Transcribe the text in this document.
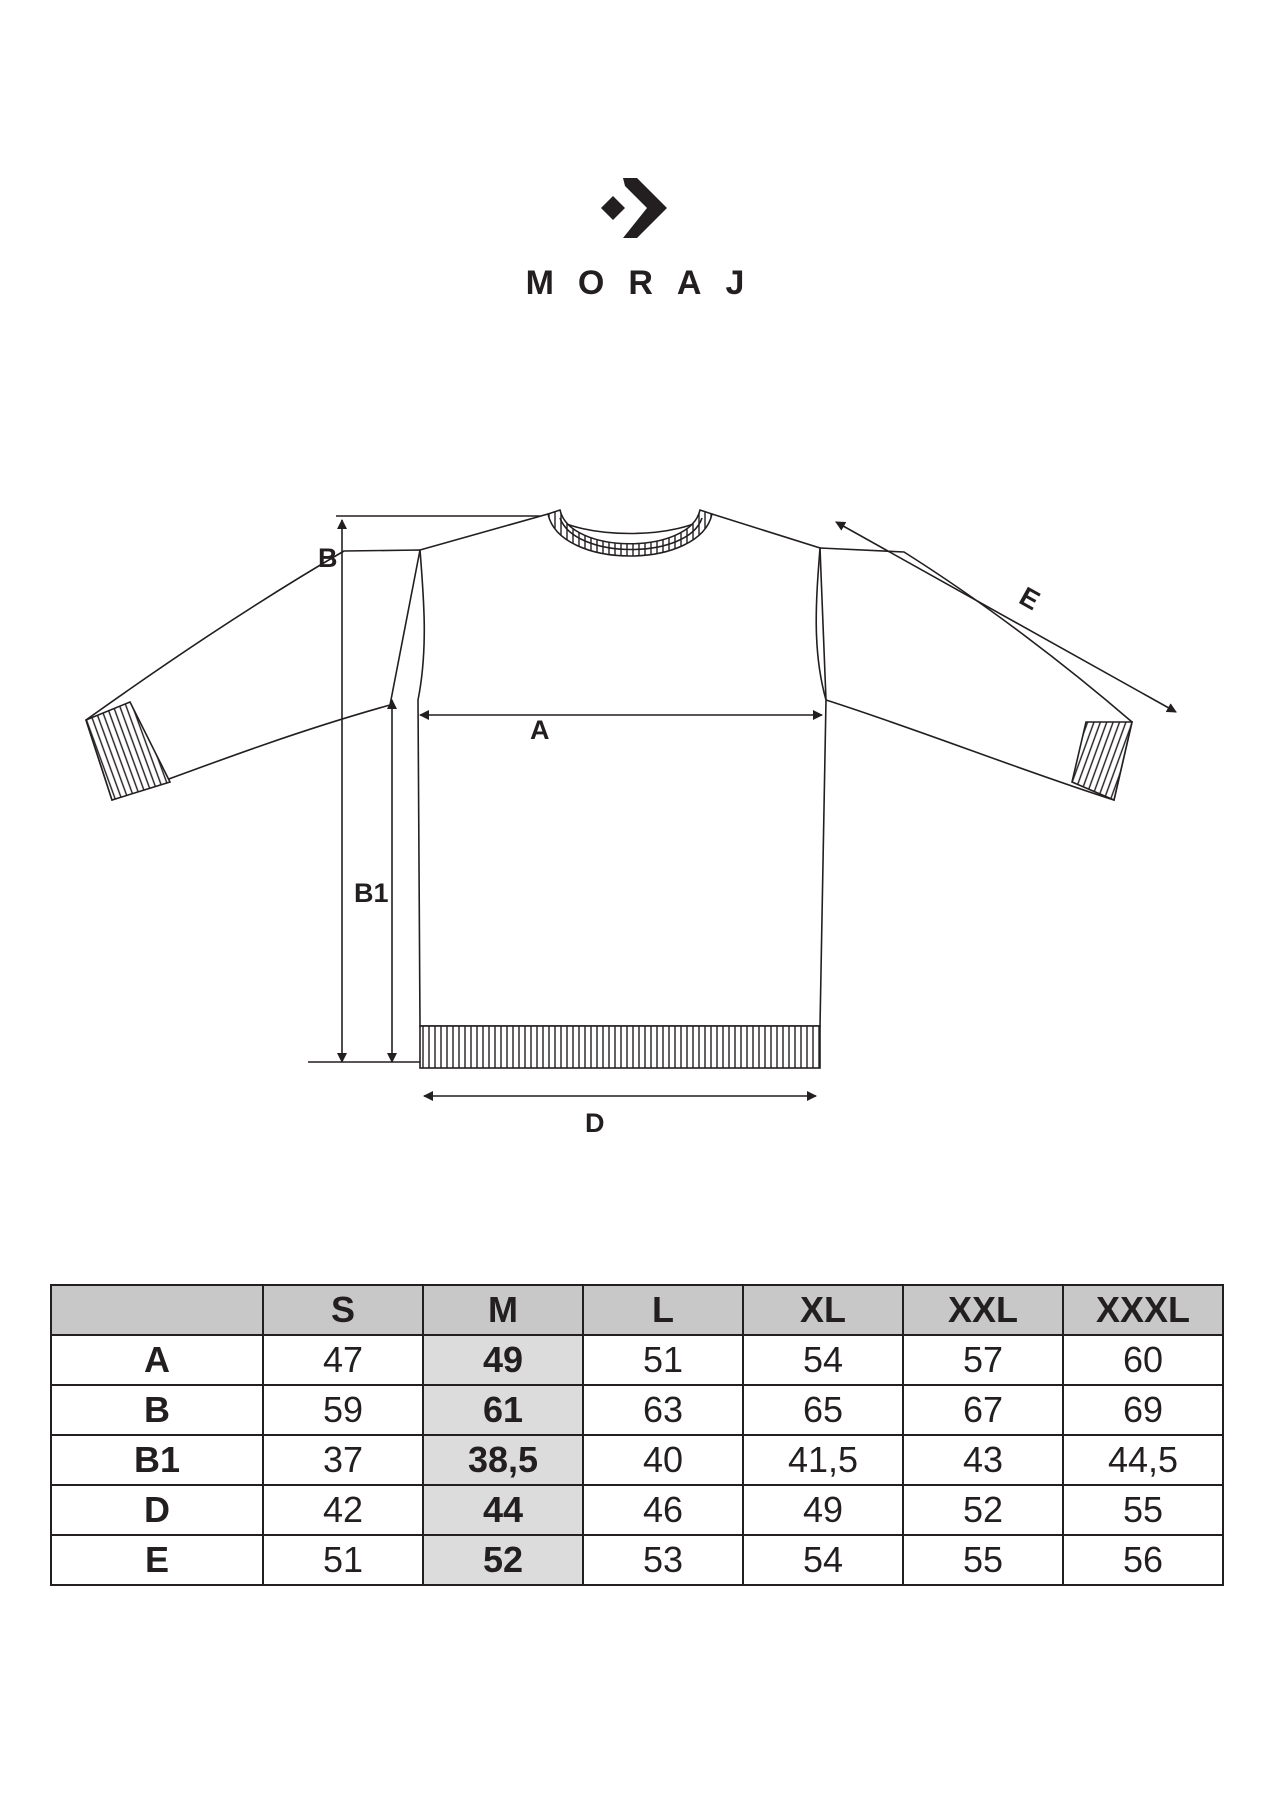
MORAJ
B
A
B1
D
E
	S	M	L	XL	XXL	XXXL
A	47	49	51	54	57	60
B	59	61	63	65	67	69
B1	37	38,5	40	41,5	43	44,5
D	42	44	46	49	52	55
E	51	52	53	54	55	56
